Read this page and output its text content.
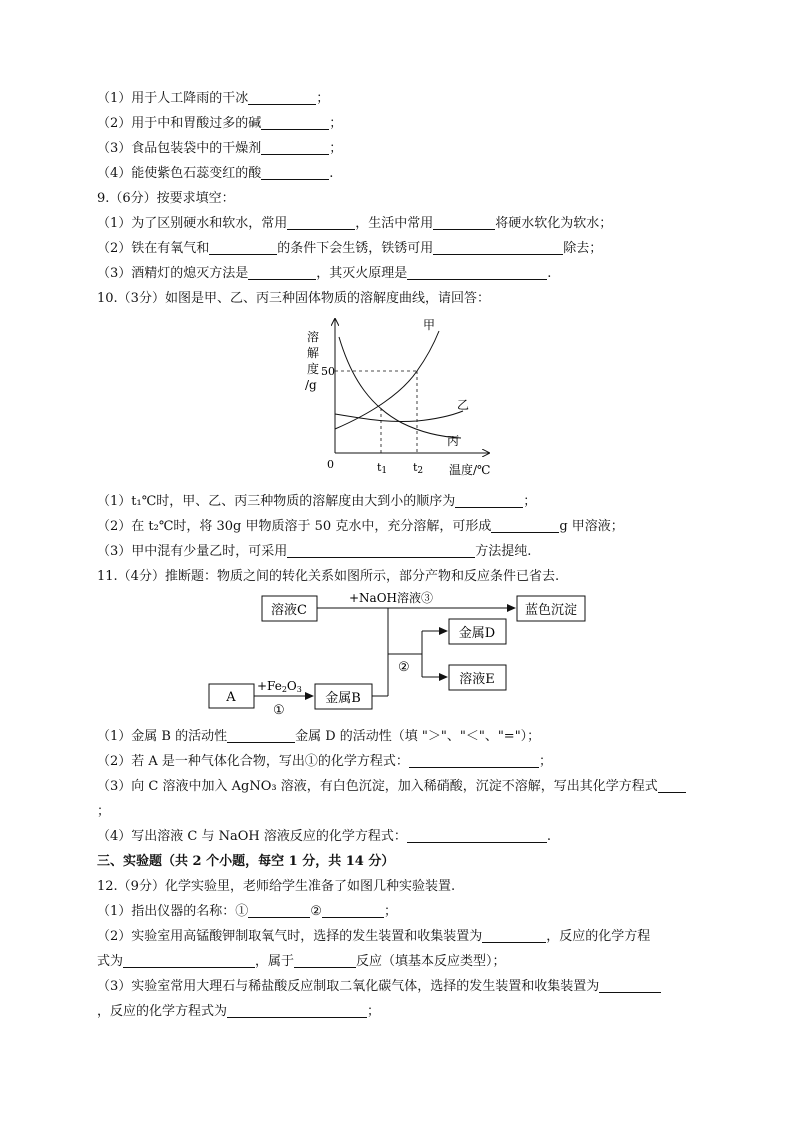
（1）用于人工降雨的干冰	；
（2）用于中和胃酸过多的碱	；
（3）食品包装袋中的干燥剂	；
（4）能使紫色石蕊变红的酸	.
9.（6分）按要求填空：
（1）为了区别硬水和软水，常用	，生活中常用	将硬水软化为软水；
（2）铁在有氧气和	的条件下会生锈，铁锈可用	除去；
（3）酒精灯的熄灭方法是	，其灭火原理是	.
10.（3分）如图是甲、乙、丙三种固体物质的溶解度曲线，请回答：
溶
解
度
/g
50
0	t1 t2 温度/℃
甲
乙
丙
（1）t₁℃时，甲、乙、丙三种物质的溶解度由大到小的顺序为	；
（2）在 t₂℃时，将 30g 甲物质溶于 50 克水中，充分溶解，可形成	g 甲溶液；
（3）甲中混有少量乙时，可采用	方法提纯.
11.（4分）推断题：物质之间的转化关系如图所示，部分产物和反应条件已省去.
溶液C
+NaOH溶液③
蓝色沉淀
②
金属D
溶液E
A
+Fe2O3
①
金属B
（1）金属 B 的活动性	金属 D 的活动性（填 "＞"、"＜"、"="）；
（2）若 A 是一种气体化合物，写出①的化学方程式：	；
（3）向 C 溶液中加入 AgNO₃ 溶液，有白色沉淀，加入稀硝酸，沉淀不溶解，写出其化学方程式
；
（4）写出溶液 C 与 NaOH 溶液反应的化学方程式：	.
三、实验题（共 2 个小题，每空 1 分，共 14 分）
12.（9分）化学实验里，老师给学生准备了如图几种实验装置.
（1）指出仪器的名称：①	②	；
（2）实验室用高锰酸钾制取氧气时，选择的发生装置和收集装置为	，反应的化学方程
式为	，属于	反应（填基本反应类型）；
（3）实验室常用大理石与稀盐酸反应制取二氧化碳气体，选择的发生装置和收集装置为
，反应的化学方程式为	；
